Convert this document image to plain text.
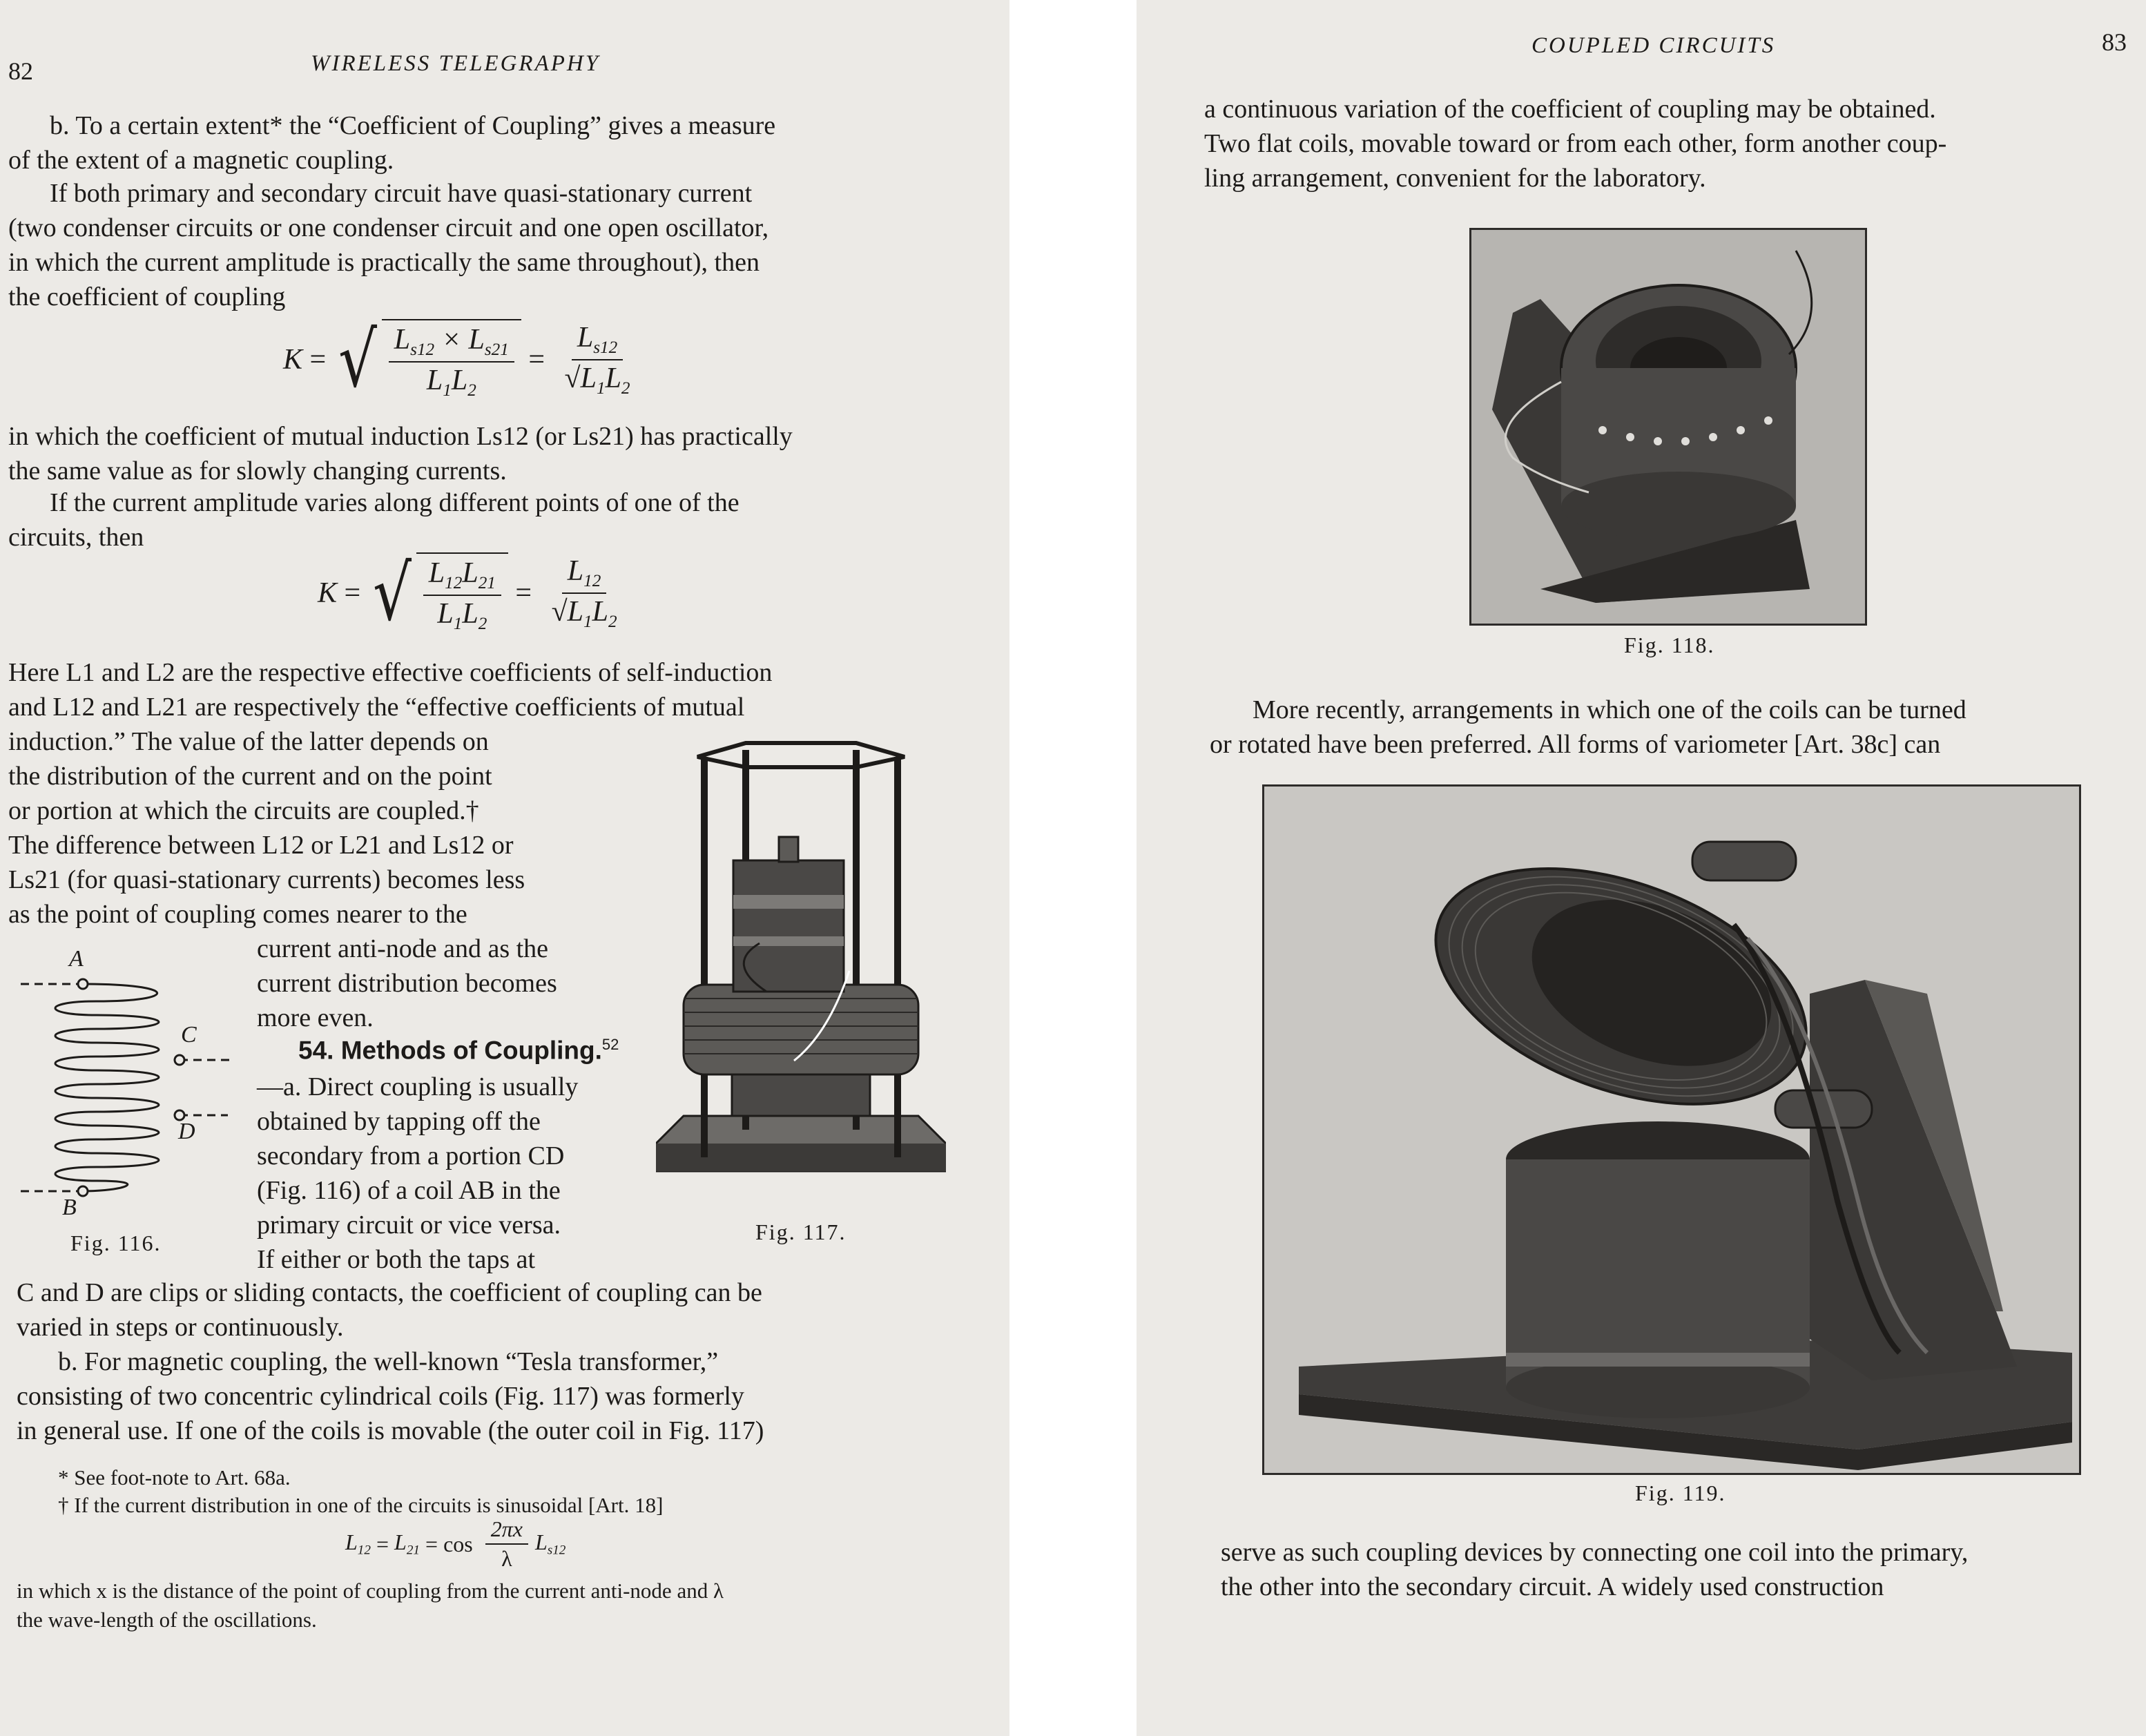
82	WIRELESS TELEGRAPHY
b. To a certain extent* the “Coefficient of Coupling” gives a measure
of the extent of a magnetic coupling.
If both primary and secondary circuit have quasi-stationary current
(two condenser circuits or one condenser circuit and one open oscillator,
in which the current amplitude is practically the same throughout), then
the coefficient of coupling
K = √ $\frac{L_{s12} \times L_{s21}}{L_1L_2} = \frac{L_{s12}}{√L_1L_2}$
in which the coefficient of mutual induction Ls12 (or Ls21) has practically
the same value as for slowly changing currents.
If the current amplitude varies along different points of one of the
circuits, then
K = √ $\frac{L_{12}L_{21}}{L_1L_2} = \frac{L_{12}}{√L_1L_2}$
Here L1 and L2 are the respective effective coefficients of self-induction
and L12 and L21 are respectively the “effective coefficients of mutual
induction.” The value of the latter depends on
the distribution of the current and on the point
or portion at which the circuits are coupled.†
The difference between L12 or L21 and Ls12 or
Ls21 (for quasi-stationary currents) becomes less
as the point of coupling comes nearer to the
current anti-node and as the
current distribution becomes
more even.
54. Methods of Coupling.$^{52}$
—a. Direct coupling is usually
obtained by tapping off the
secondary from a portion CD
(Fig. 116) of a coil AB in the
primary circuit or vice versa.
If either or both the taps at
A
B
C
D
Fig. 116.	Fig. 117.
C and D are clips or sliding contacts, the coefficient of coupling can be
varied in steps or continuously.
b. For magnetic coupling, the well-known “Tesla transformer,”
consisting of two concentric cylindrical coils (Fig. 117) was formerly
in general use. If one of the coils is movable (the outer coil in Fig. 117)
* See foot-note to Art. 68a.
† If the current distribution in one of the circuits is sinusoidal [Art. 18]
$L_{12} = L_{21} = \cos \frac{2\pi x}{\lambda} L_{s12}$
in which x is the distance of the point of coupling from the current anti-node and λ
the wave-length of the oscillations.
COUPLED CIRCUITS	83
a continuous variation of the coefficient of coupling may be obtained.
Two flat coils, movable toward or from each other, form another coup-
ling arrangement, convenient for the laboratory.
Fig. 118.
More recently, arrangements in which one of the coils can be turned
or rotated have been preferred. All forms of variometer [Art. 38c] can
Fig. 119.
serve as such coupling devices by connecting one coil into the primary,
the other into the secondary circuit. A widely used construction
